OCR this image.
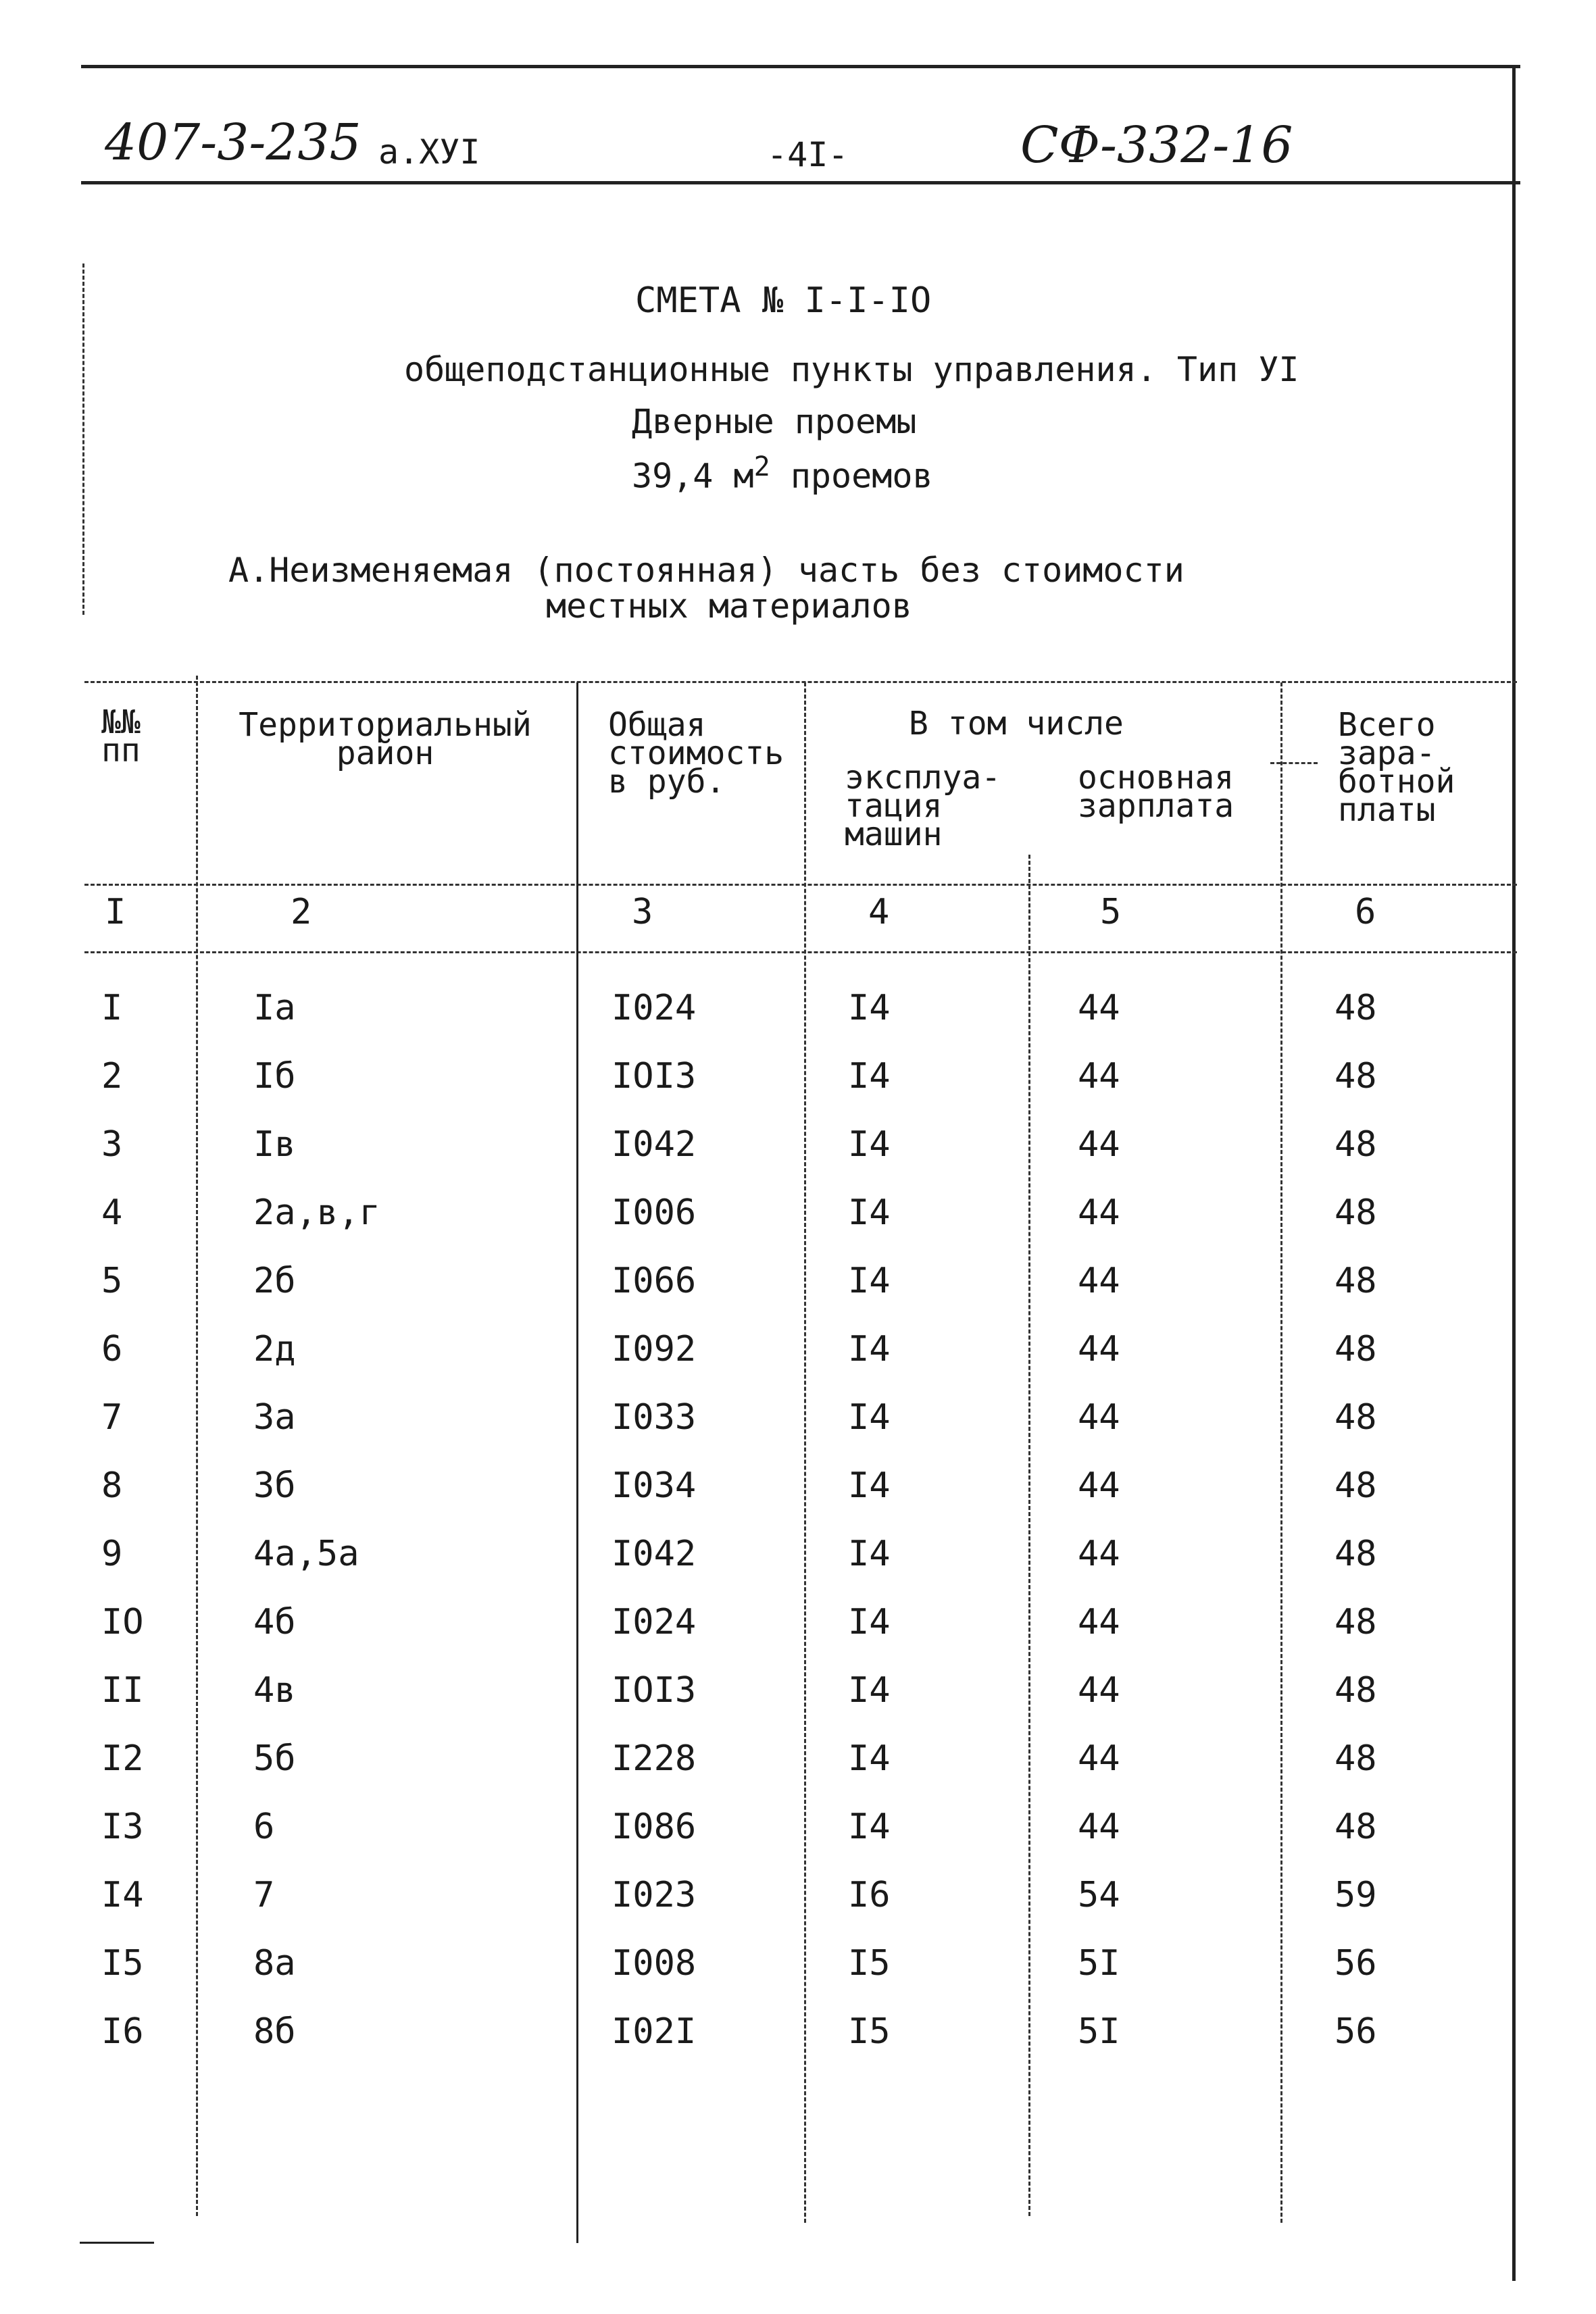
407-3-235 а.ХУI	-4I-	СФ-332-16
СМЕТА № I-I-IO
общеподстанционные пункты управления. Тип УI
Дверные проемы
39,4 $м^2$ проемов
А.Неизменяемая (постоянная) часть без стоимости
местных материалов
№№
пп
Территориальный
район
Общая
стоимость
в руб.
В том числе
эксплуа-
тация
машин
основная
зарплата
Всего
зара-
ботной
платы
I	2	3	4	5	6
I	Iа	I024	I4	44	48
2	Iб	IOI3	I4	44	48
3	Iв	I042	I4	44	48
4	2а,в,г	I006	I4	44	48
5	2б	I066	I4	44	48
6	2д	I092	I4	44	48
7	3а	I033	I4	44	48
8	3б	I034	I4	44	48
9	4а,5а	I042	I4	44	48
IO	4б	I024	I4	44	48
II	4в	IOI3	I4	44	48
I2	5б	I228	I4	44	48
I3	6	I086	I4	44	48
I4	7	I023	I6	54	59
I5	8а	I008	I5	5I	56
I6	8б	I02I	I5	5I	56
